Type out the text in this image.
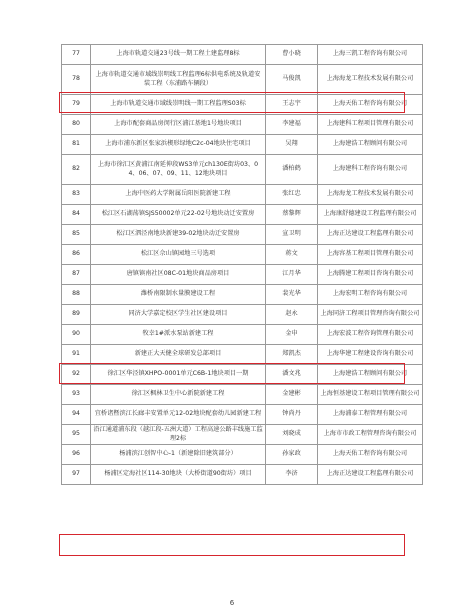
77	上海市轨道交通23号线一期工程土建监理8标	曹小晓	上海三凯工程咨询有限公司
78	上海市轨道交通市域线崇明线工程监理6标供电系统及轨道安装工程（东浦路车辆段）	马俊凯	上海海龙工程技术发展有限公司
79	上海市轨道交通市域线崇明线一期工程监理S03标	王志宇	上海天佑工程咨询有限公司
80	上海市配套商品房闵行区浦江基地1号地块项目	李建福	上海建科工程项目管理有限公司
81	上海市浦东新区张家浜楔形绿地C2c-04地块住宅项目	吴翔	上海建浩工程顾问有限公司
82	上海市徐汇区黄浦江南延伸段WS3单元ch130E街坊03、04、06、07、09、11、12地块项目	潘柏鹤	上海建科工程咨询有限公司
83	上海中医药大学附属岳阳医院新建工程	张红忠	上海海龙工程技术发展有限公司
84	松江区石湖荡镇SJS50002单元22-02号地块动迁安置房	蔡黎辉	上海康舒德建设工程监理有限公司
85	松江区泗泾南地块新建39-02地块动迁安置房	宣卫明	上海正达建设工程监理有限公司
86	松江区佘山镇园地三号选项	蒋文	上海容基工程项目管理有限公司
87	唐镇镇南社区08C-01地块商品房项目	江月华	上海腾建工程项目咨询有限公司
88	潍桥南限制水量膜建设工程	裴光华	上海宏明工程咨询有限公司
89	同济大学嘉定校区学生社区建设项目	赵永	上海同济工程项目管理咨询有限公司
90	牧幸1#派水泵站新建工程	金申	上海宏波工程咨询管理有限公司
91	新建正大天健全球研发总部项目	郑凯杰	上海华建工程建设咨询有限公司
92	徐汇区华泾镇XHPO-0001单元C6B-1地块项目一期	潘文兆	上海建浩工程顾问有限公司
93	徐汇区枫林卫生中心新院新建工程	金建彬	上海恒基建设工程项目管理有限公司
94	宜桥诸暨滨江长廊丰安置单元12-02地块配套幼儿园新建工程	钟尚丹	上海浦泰工程管理有限公司
95	沿江通道浦东段（越江段-五洲大道）工程高速公路丰线施工监理2标	刘晓成	上海市市政工程管理咨询有限公司
96	杨浦滨江创智中心-1（新建除旧建筑部分）	孙家政	上海天佑工程咨询有限公司
97	杨浦区定海社区114-30地块（大桥街道90街坊）项目	李济	上海正达建设工程监理有限公司
6
